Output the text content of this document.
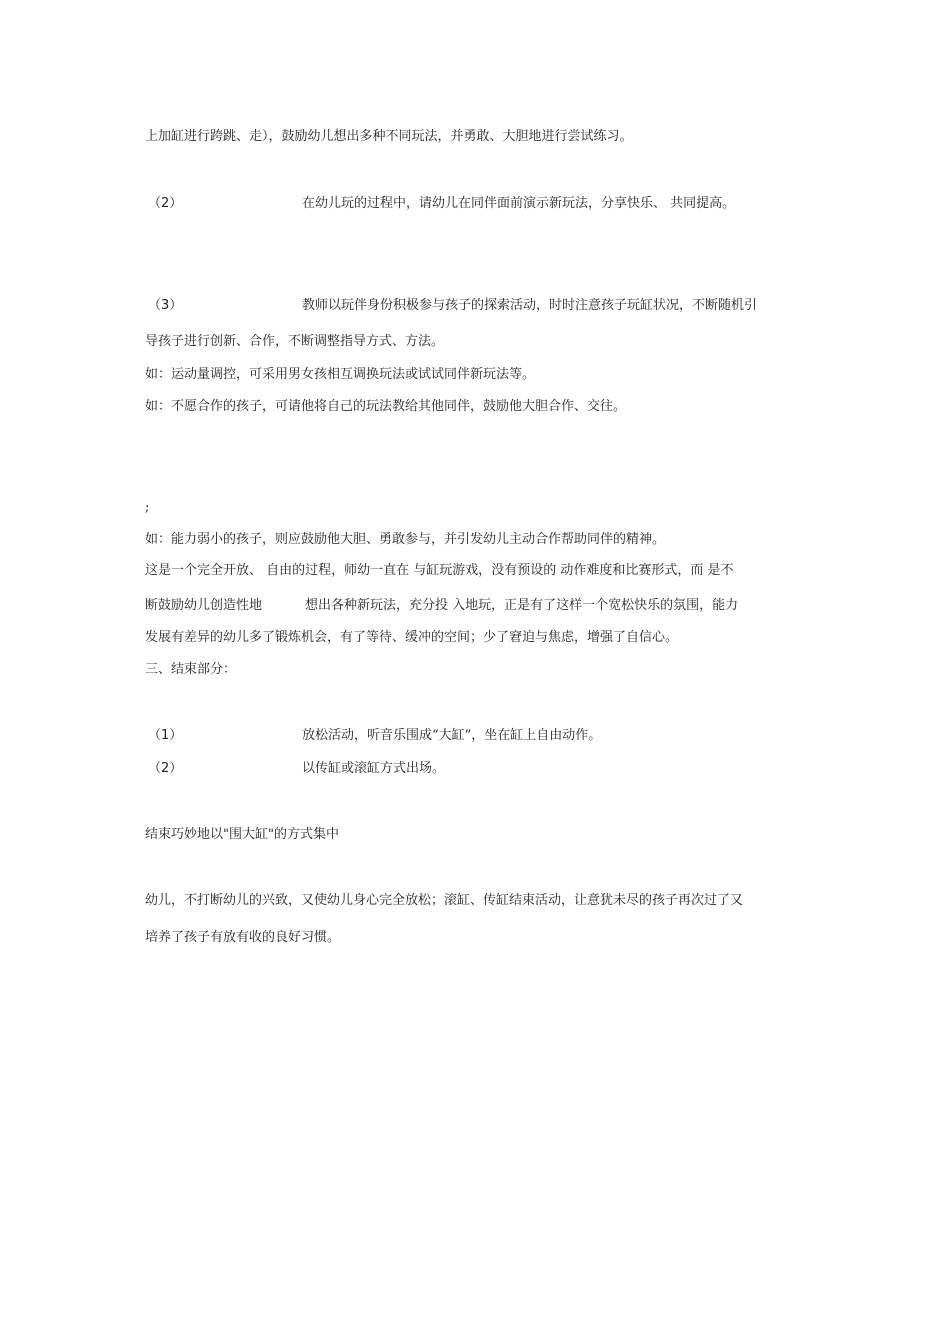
上加缸进行跨跳、走），鼓励幼儿想出多种不同玩法，并勇敢、大胆地进行尝试练习。
（2）	在幼儿玩的过程中，请幼儿在同伴面前演示新玩法，分享快乐、 共同提高。
（3）	教师以玩伴身份积极参与孩子的探索活动，时时注意孩子玩缸状况，不断随机引
导孩子进行创新、合作，不断调整指导方式、方法。
如：运动量调控，可采用男女孩相互调换玩法或试试同伴新玩法等。
如：不愿合作的孩子，可请他将自己的玩法教给其他同伴，鼓励他大胆合作、交往。
;
如：能力弱小的孩子，则应鼓励他大胆、勇敢参与，并引发幼儿主动合作帮助同伴的精神。
这是一个完全开放、 自由的过程，师幼一直在 与缸玩游戏，没有预设的 动作难度和比赛形式，而 是不
断鼓励幼儿创造性地	想出各种新玩法，充分投 入地玩，正是有了这样一个宽松快乐的氛围，能力
发展有差异的幼儿多了锻炼机会，有了等待、缓冲的空间；少了窘迫与焦虑，增强了自信心。
三、结束部分：
（1）	放松活动，听音乐围成“大缸”，坐在缸上自由动作。
（2）	以传缸或滚缸方式出场。
结束巧妙地以"围大缸"的方式集中
幼儿，不打断幼儿的兴致，又使幼儿身心完全放松；滚缸、传缸结束活动，让意犹未尽的孩子再次过了又
培养了孩子有放有收的良好习惯。
